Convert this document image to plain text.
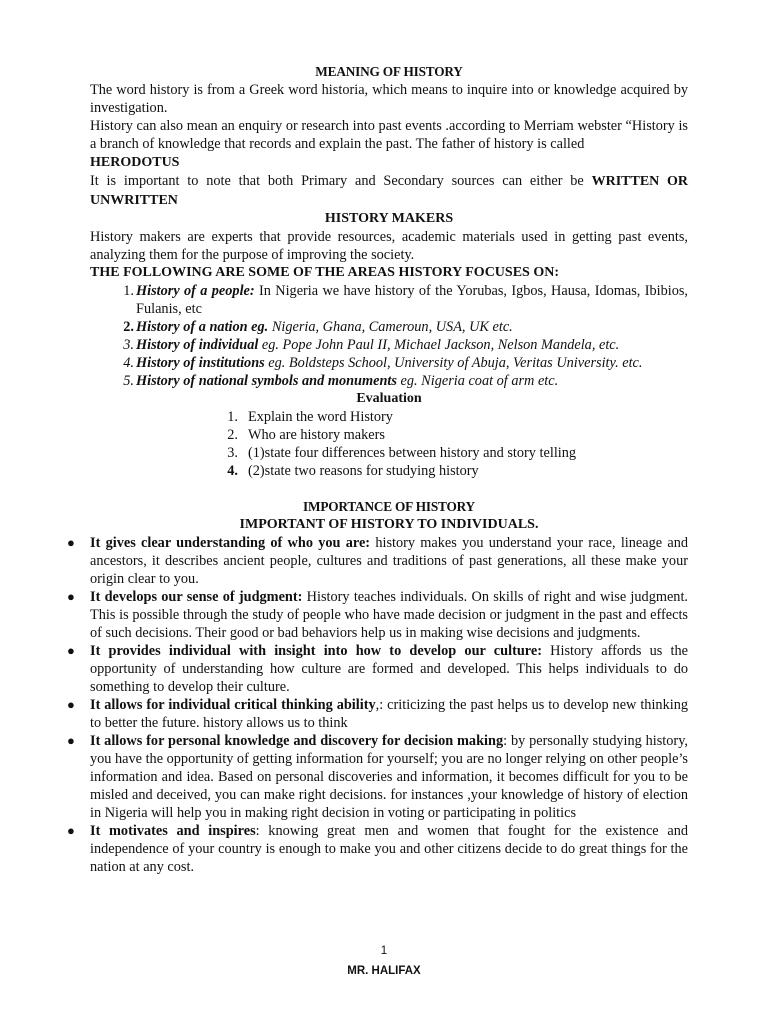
MEANING OF HISTORY

The word history is from a Greek word historia, which means to inquire into or knowledge acquired by investigation.

History can also mean an enquiry or research into past events .according to Merriam webster “History is a branch of knowledge that records and explain the past. The father of history is called
HERODOTUS

It is important to note that both Primary and Secondary sources can either be WRITTEN OR UNWRITTEN

HISTORY MAKERS

History makers are experts that provide resources, academic materials used in getting past events, analyzing them for the purpose of improving the society.

THE FOLLOWING ARE SOME OF THE AREAS HISTORY FOCUSES ON:

1. History of a people: In Nigeria we have history of the Yorubas, Igbos, Hausa, Idomas, Ibibios, Fulanis, etc

2. History of a nation eg. Nigeria, Ghana, Cameroun, USA, UK etc.

3. History of individual eg. Pope John Paul II, Michael Jackson, Nelson Mandela, etc.

4. History of institutions eg. Boldsteps School, University of Abuja, Veritas University. etc.

5. History of national symbols and monuments eg. Nigeria coat of arm etc.

Evaluation

1. Explain the word History

2. Who are history makers

3. (1)state four differences between history and story telling

4. (2)state two reasons for studying history

IMPORTANCE OF HISTORY

IMPORTANT OF HISTORY TO INDIVIDUALS.

● It gives clear understanding of who you are: history makes you understand your race, lineage and ancestors, it describes ancient people, cultures and traditions of past generations, all these make your origin clear to you.

● It develops our sense of judgment: History teaches individuals. On skills of right and wise judgment. This is possible through the study of people who have made decision or judgment in the past and effects of such decisions. Their good or bad behaviors help us in making wise decisions and judgments.

● It provides individual with insight into how to develop our culture: History affords us the opportunity of understanding how culture are formed and developed. This helps individuals to do something to develop their culture.

● It allows for individual critical thinking ability,: criticizing the past helps us to develop new thinking to better the future. history allows us to think

● It allows for personal knowledge and discovery for decision making: by personally studying history, you have the opportunity of getting information for yourself; you are no longer relying on other people’s information and idea. Based on personal discoveries and information, it becomes difficult for you to be misled and deceived, you can make right decisions. for instances ,your knowledge of history of election in Nigeria will help you in making right decision in voting or participating in politics

● It motivates and inspires: knowing great men and women that fought for the existence and independence of your country is enough to make you and other citizens decide to do great things for the nation at any cost.

1
MR. HALIFAX
